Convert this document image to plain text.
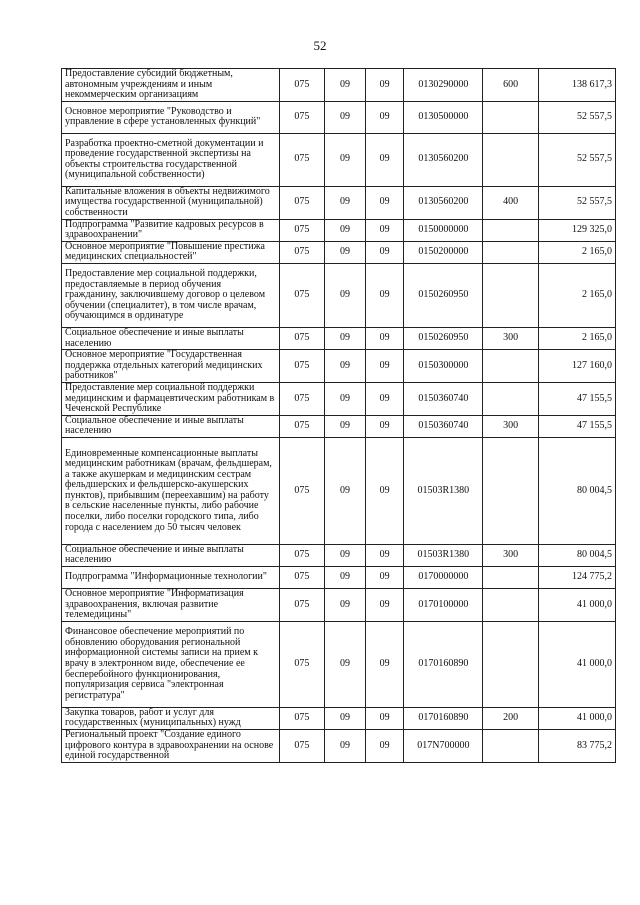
52
Предоставление субсидий бюджетным, автономным учреждениям и иным некоммерческим организациям	075	09	09	0130290000	600	138 617,3
Основное мероприятие "Руководство и управление в сфере установленных функций"	075	09	09	0130500000		52 557,5
Разработка проектно-сметной документации и проведение государственной экспертизы на объекты строительства государственной (муниципальной собственности)	075	09	09	0130560200		52 557,5
Капитальные вложения в объекты недвижимого имущества государственной (муниципальной) собственности	075	09	09	0130560200	400	52 557,5
Подпрограмма "Развитие кадровых ресурсов в здравоохранении"	075	09	09	0150000000		129 325,0
Основное мероприятие "Повышение престижа медицинских специальностей"	075	09	09	0150200000		2 165,0
Предоставление мер социальной поддержки, предоставляемые в период обучения гражданину, заключившему договор о целевом обучении (специалитет), в том числе врачам, обучающимся в ординатуре	075	09	09	0150260950		2 165,0
Социальное обеспечение и иные выплаты населению	075	09	09	0150260950	300	2 165,0
Основное мероприятие "Государственная поддержка отдельных категорий медицинских работников"	075	09	09	0150300000		127 160,0
Предоставление мер социальной поддержки медицинским и фармацевтическим работникам в Чеченской Республике	075	09	09	0150360740		47 155,5
Социальное обеспечение и иные выплаты населению	075	09	09	0150360740	300	47 155,5
Единовременные компенсационные выплаты медицинским работникам (врачам, фельдшерам, а также акушеркам и медицинским сестрам фельдшерских и фельдшерско-акушерских пунктов), прибывшим (переехавшим) на работу в сельские населенные пункты, либо рабочие поселки, либо поселки городского типа, либо города с населением до 50 тысяч человек	075	09	09	01503R1380		80 004,5
Социальное обеспечение и иные выплаты населению	075	09	09	01503R1380	300	80 004,5
Подпрограмма "Информационные технологии"	075	09	09	0170000000		124 775,2
Основное мероприятие "Информатизация здравоохранения, включая развитие телемедицины"	075	09	09	0170100000		41 000,0
Финансовое обеспечение мероприятий по обновлению оборудования региональной информационной системы записи на прием к врачу в электронном виде, обеспечение ее бесперебойного функционирования, популяризация сервиса "электронная регистратура"	075	09	09	0170160890		41 000,0
Закупка товаров, работ и услуг для государственных (муниципальных) нужд	075	09	09	0170160890	200	41 000,0
Региональный проект "Создание единого цифрового контура в здравоохранении на основе единой государственной	075	09	09	017N700000		83 775,2
